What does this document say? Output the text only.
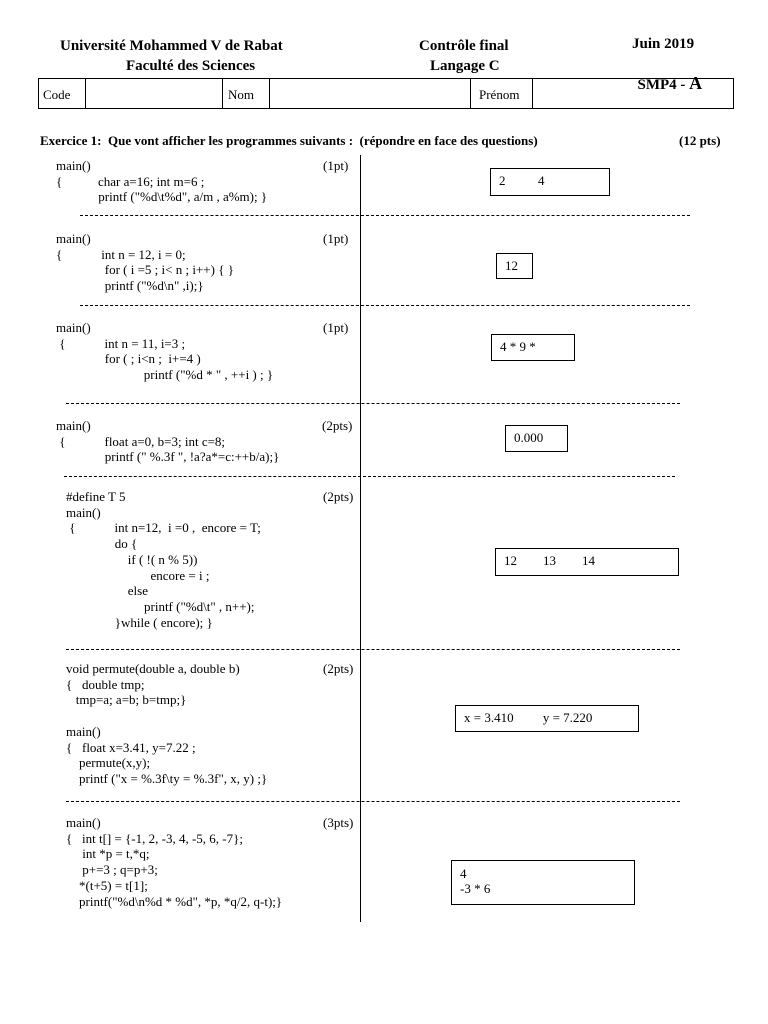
Université Mohammed V de Rabat
Faculté des Sciences
Contrôle final
Langage C
Juin 2019

SMP4 - A

Code	Nom	Prénom
Exercice 1:  Que vont afficher les programmes suivants :  (répondre en face des questions)	(12 pts)
main()
{           char a=16; int m=6 ;
printf ("%d\t%d", a/m , a%m); }
(1pt)
2          4
main()
{            int n = 12, i = 0;
for ( i =5 ; i< n ; i++) { }
printf ("%d\n" ,i);}
(1pt)
12
main()
{            int n = 11, i=3 ;
for ( ; i<n ;  i+=4 )
printf ("%d * " , ++i ) ; }
(1pt)
4 * 9 *
main()
{            float a=0, b=3; int c=8;
printf (" %.3f ", !a?a*=c:++b/a);}
(2pts)
0.000
#define T 5
main()
{            int n=12,  i =0 ,  encore = T;
do {
if ( !( n % 5))
encore = i ;
else
printf ("%d\t" , n++);
}while ( encore); }
(2pts)
12        13        14
void permute(double a, double b)
{   double tmp;
tmp=a; a=b; b=tmp;}

main()
{   float x=3.41, y=7.22 ;
permute(x,y);
printf ("x = %.3f\ty = %.3f", x, y) ;}
(2pts)
x = 3.410         y = 7.220
main()
{   int t[] = {-1, 2, -3, 4, -5, 6, -7};
int *p = t,*q;
p+=3 ; q=p+3;
*(t+5) = t[1];
printf("%d\n%d * %d", *p, *q/2, q-t);}
(3pts)
4
-3 * 6
